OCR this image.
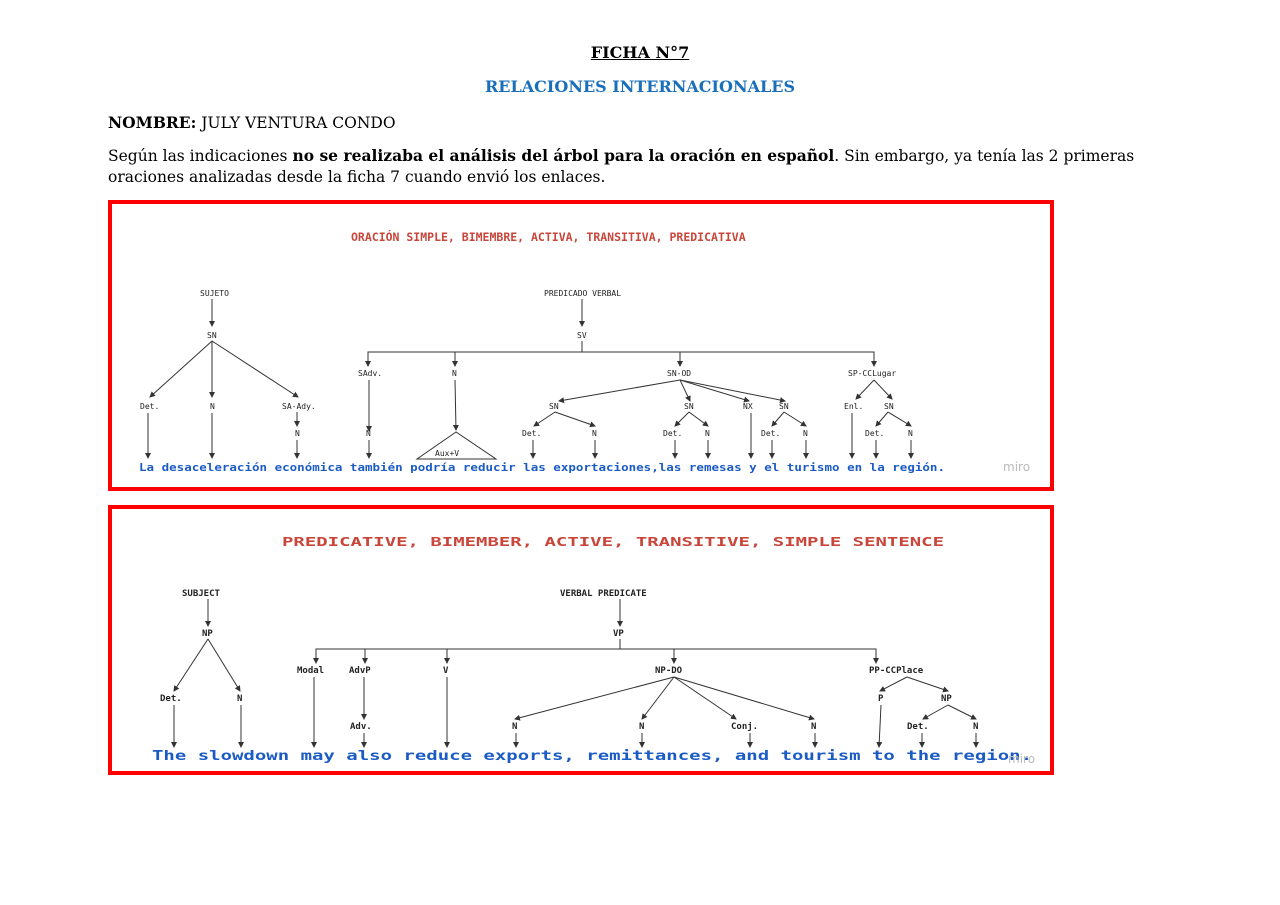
FICHA N°7
RELACIONES INTERNACIONALES
NOMBRE: JULY VENTURA CONDO
Según las indicaciones no se realizaba el análisis del árbol para la oración en español. Sin embargo, ya tenía las 2 primeras oraciones analizadas desde la ficha 7 cuando envió los enlaces.
ORACIÓN SIMPLE, BIMEMBRE, ACTIVA, TRANSITIVA, PREDICATIVA
SUJETO
SN
Det.	N	SA-Ady.
N
PREDICADO VERBAL
SV
SAdv.	N	SN-OD	SP-CCLugar
N
Aux+V
SN	SN	NX	SN
Det.	N	Det.	N	Det.	N
Enl.	SN
Det.	N
La desaceleración económica también podría reducir las exportaciones,las remesas y el turismo en la región.	miro
PREDICATIVE, BIMEMBER, ACTIVE, TRANSITIVE, SIMPLE SENTENCE
SUBJECT
NP
Det.	N
VERBAL PREDICATE
VP
Modal	AdvP	V	NP-DO	PP-CCPlace
Adv.	N	N	Conj.	N
P	NP
Det.	N
The slowdown may also reduce exports, remittances, and tourism to the region.
miro
